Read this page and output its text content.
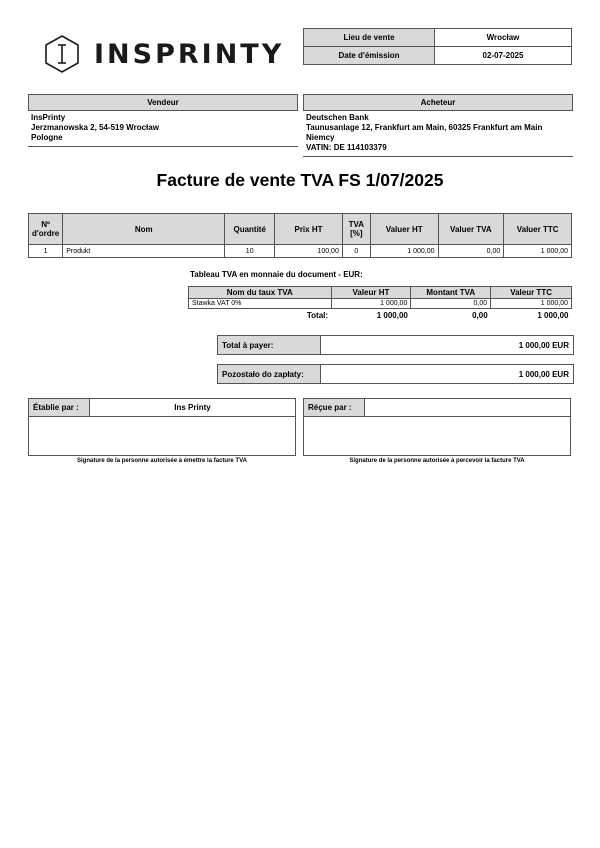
INSPRINTY
Lieu de vente	Wrocław
Date d'émission	02-07-2025
Vendeur
InsPrinty
Jerzmanowska 2, 54-519 Wrocław
Pologne
Acheteur
Deutschen Bank
Taunusanlage 12, Frankfurt am Main, 60325 Frankfurt am Main
Niemcy
VATIN: DE 114103379
Facture de vente TVA FS 1/07/2025
Nº d'ordre	Nom	Quantité	Prix HT	TVA [%]	Valuer HT	Valuer TVA	Valuer TTC
1	Produkt	10	100,00	0	1 000,00	0,00	1 000,00
Tableau TVA en monnaie du document - EUR:
Nom du taux TVA	Valeur HT	Montant TVA	Valeur TTC
Stawka VAT 0%	1 000,00	0,00	1 000,00
Total:	1 000,00	0,00	1 000,00
Total à payer:	1 000,00 EUR
Pozostało do zapłaty:	1 000,00 EUR
Établie par :	Ins Printy
Signature de la personne autorisée à émettre la facture TVA
Réçue par :
Signature de la personne autorisée à percevoir la facture TVA
